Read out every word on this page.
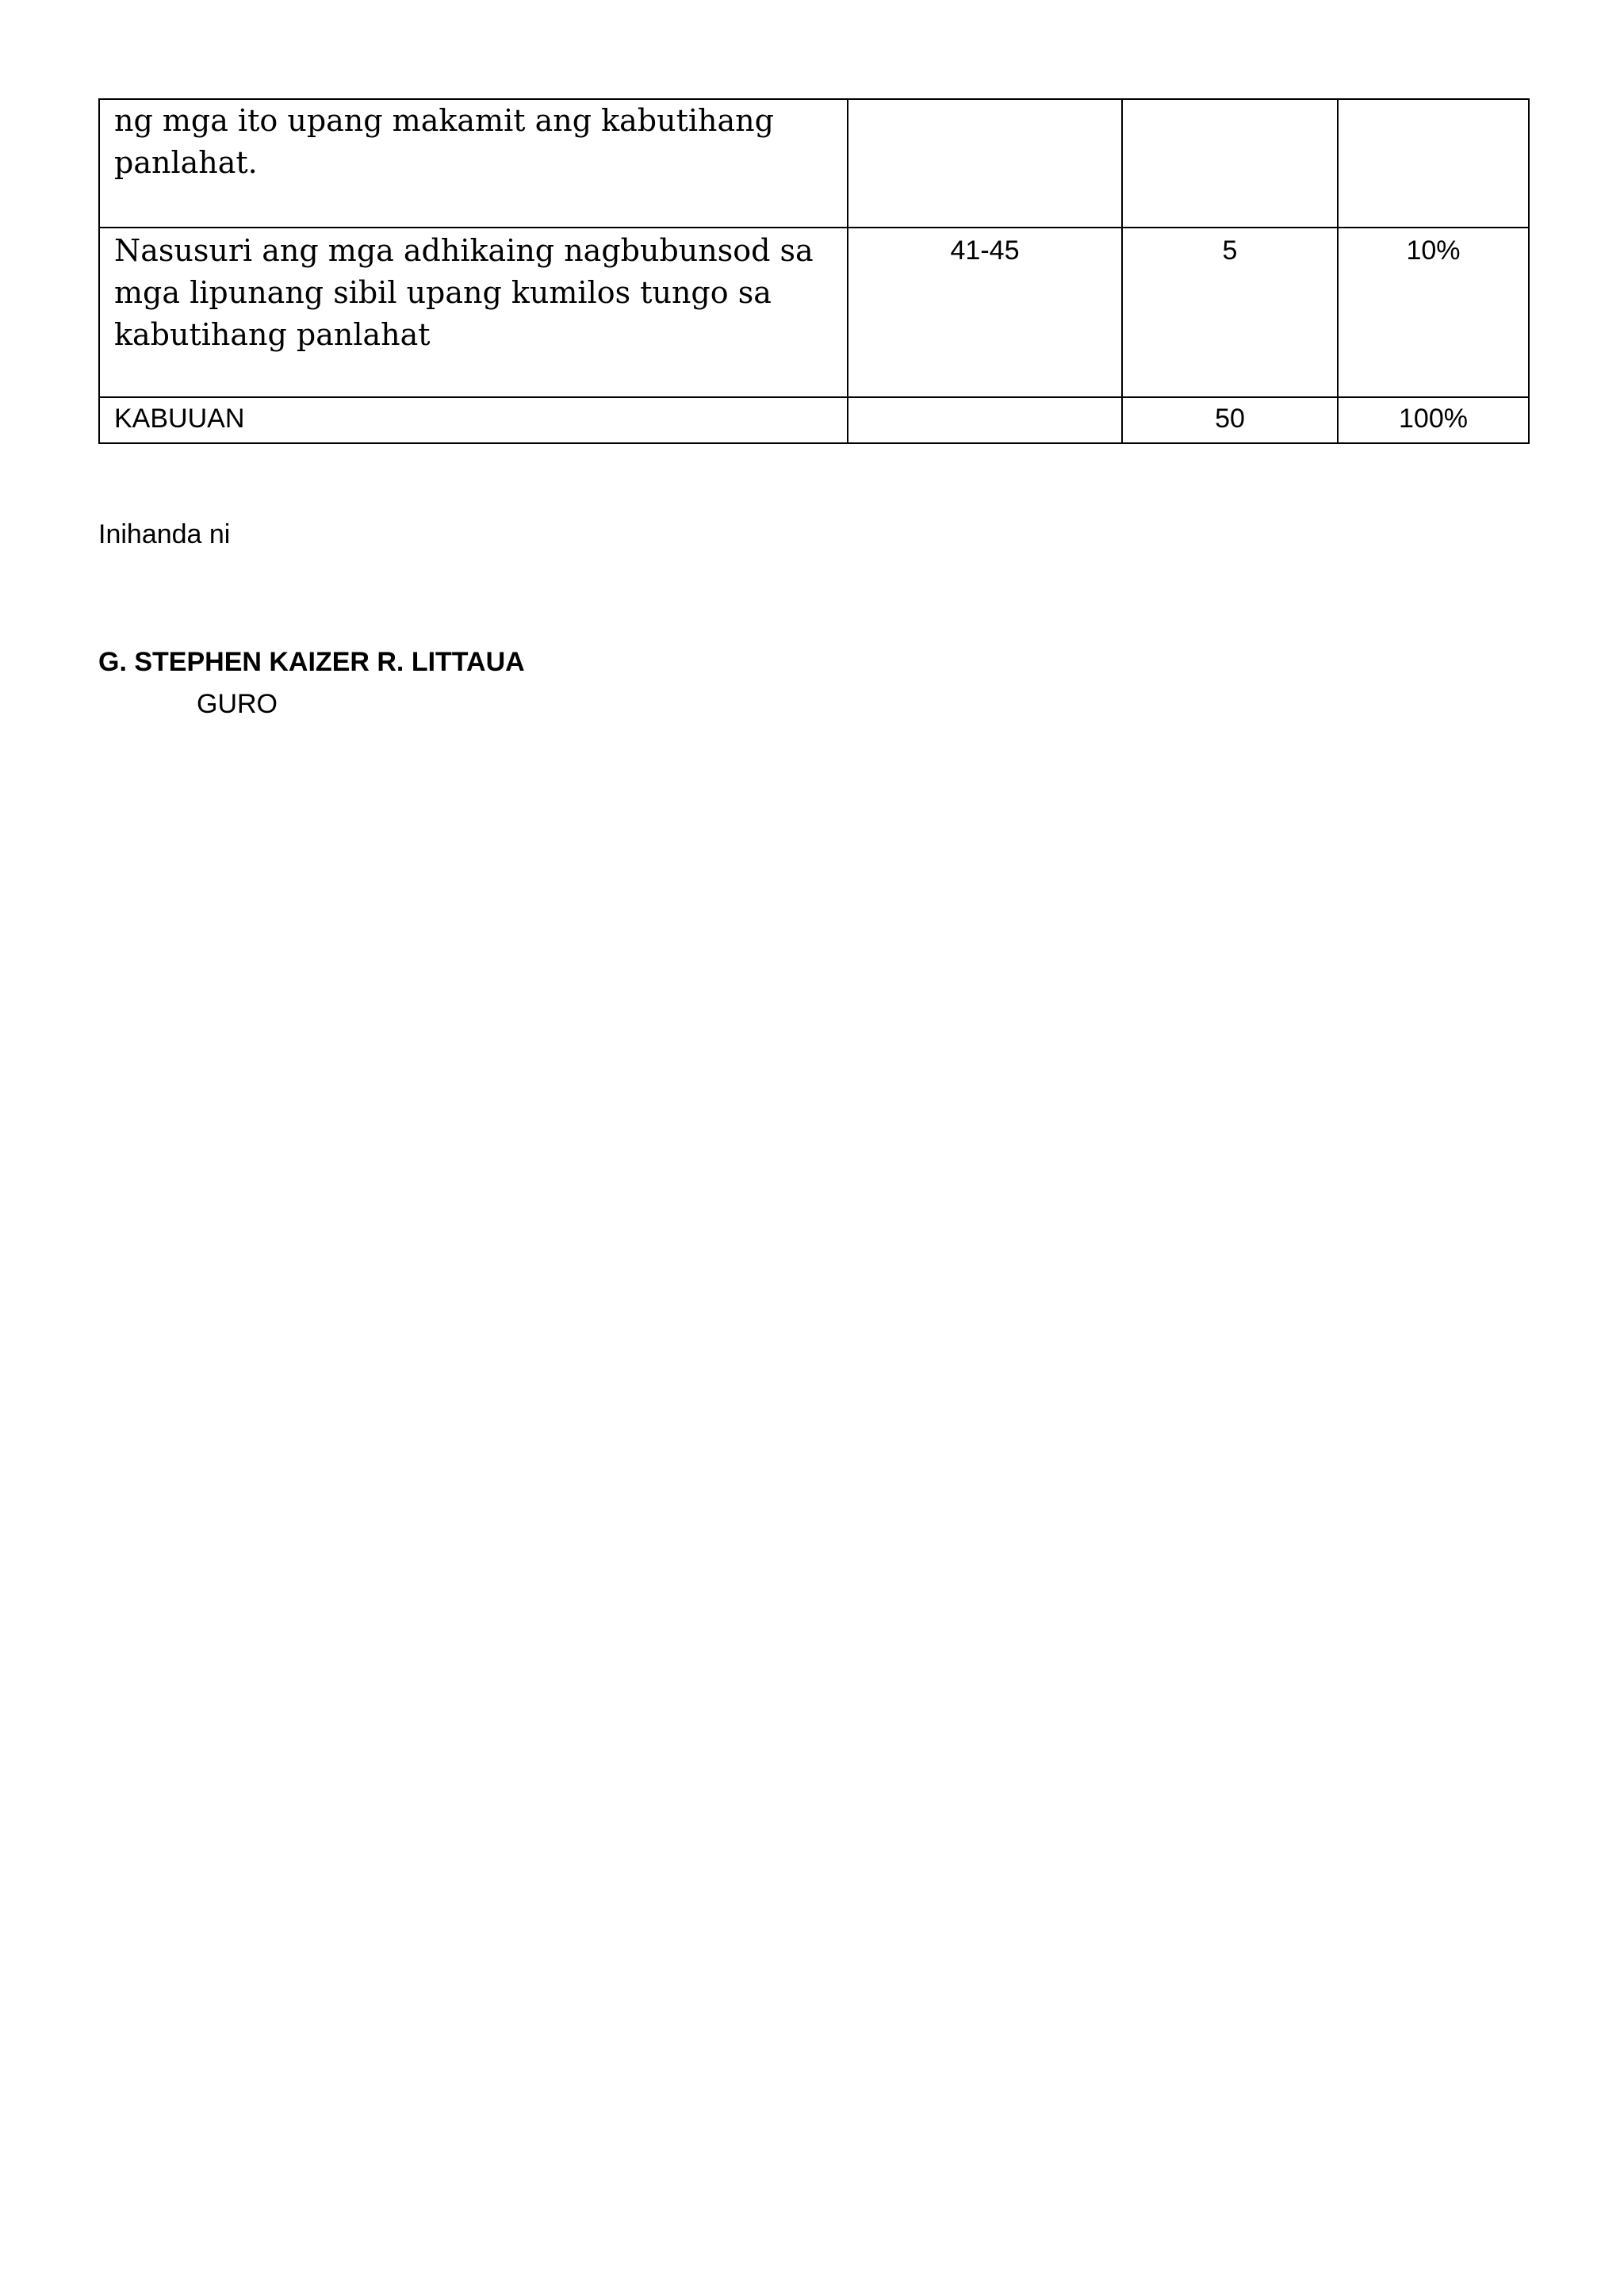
ng mga ito upang makamit ang kabutihang panlahat.			
Nasusuri ang mga adhikaing nagbubunsod sa mga lipunang sibil upang kumilos tungo sa kabutihang panlahat	41-45	5	10%
KABUUAN		50	100%
Inihanda ni
G. STEPHEN KAIZER R. LITTAUA
GURO
